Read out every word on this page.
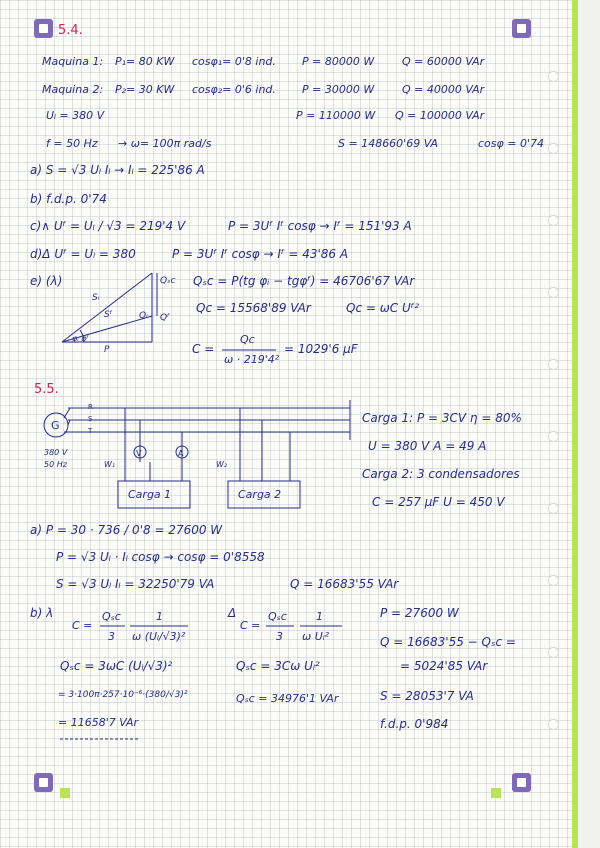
5.4.
Maquina 1: P₁= 80 KW cosφ₁= 0'8 ind. P = 80000 W	Q = 60000 VAr
Maquina 2: P₂= 30 KW cosφ₂= 0'6 ind. P = 30000 W	Q = 40000 VAr
Uₗ = 380 V	P = 110000 W Q = 100000 VAr
f = 50 Hz → ω= 100π rad/s	S = 148660'69 VA	cosφ = 0'74
a) S = √3 Uₗ Iₗ → Iₗ = 225'86 A
b) f.d.p. 0'74
c)∧ Uᶠ = Uₗ / √3 = 219'4 V	P = 3Uᶠ Iᶠ cosφ → Iᶠ = 151'93 A
d)Δ Uᶠ = Uₗ = 380	P = 3Uᶠ Iᶠ cosφ → Iᶠ = 43'86 A
e) (λ)
Sᵢ
Sᶠ
Qₛᴄ
Qᵢ Qᶠ
P
φᵢ φᶠ
Qₛᴄ = P(tg φᵢ − tgφᶠ) = 46706'67 VAr
Qᴄ = 15568'89 VAr	Qᴄ = ωC Uᶠ²
C =
Qᴄ
ω · 219'4²
= 1029'6 μF
5.5.
R
S
T
G
380 V
50 Hz
V	A
W₁	W₂
Carga 1	Carga 2
Carga 1: P = 3CV η = 80%
U = 380 V A = 49 A
Carga 2: 3 condensadores
C = 257 μF U = 450 V
a) P = 30 · 736 / 0'8 = 27600 W
P = √3 Uₗ · Iₗ cosφ → cosφ = 0'8558
S = √3 Uₗ Iₗ = 32250'79 VA	Q = 16683'55 VAr
b) λ
C =
Qₛᴄ
3
1
ω (Uₗ/√3)²
Qₛᴄ = 3ωC (Uₗ/√3)²
= 3·100π·257·10⁻⁶·(380/√3)²
= 11658'7 VAr
Δ
C =
Qₛᴄ
3
1
ω Uₗ²
Qₛᴄ = 3Cω Uₗ²
Qₛᴄ = 34976'1 VAr
P = 27600 W
Q = 16683'55 − Qₛᴄ =
= 5024'85 VAr
S = 28053'7 VA
f.d.p. 0'984
